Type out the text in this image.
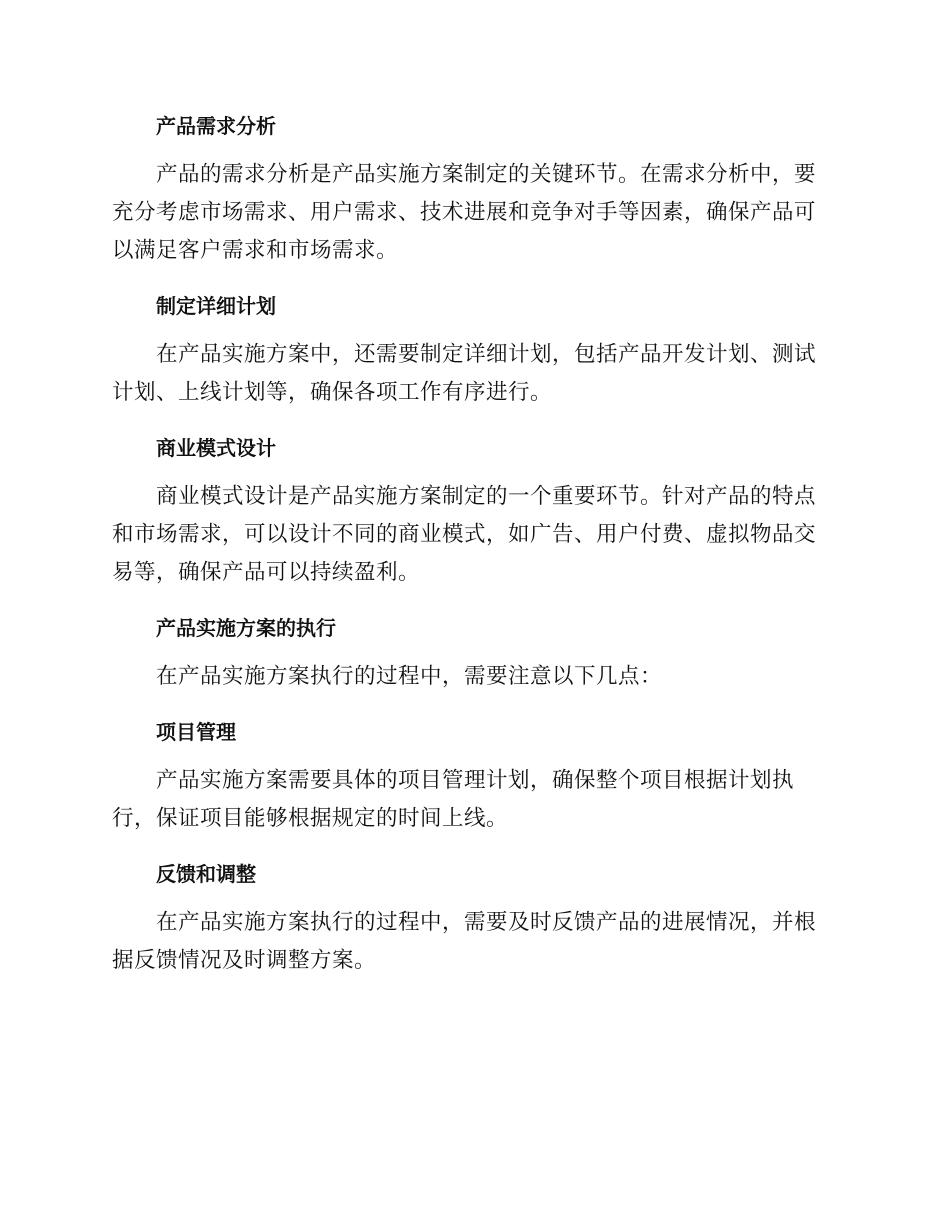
产品需求分析

产品的需求分析是产品实施方案制定的关键环节。在需求分析中，要充分考虑市场需求、用户需求、技术进展和竞争对手等因素，确保产品可以满足客户需求和市场需求。

制定详细计划

在产品实施方案中，还需要制定详细计划，包括产品开发计划、测试计划、上线计划等，确保各项工作有序进行。

商业模式设计

商业模式设计是产品实施方案制定的一个重要环节。针对产品的特点和市场需求，可以设计不同的商业模式，如广告、用户付费、虚拟物品交易等，确保产品可以持续盈利。

产品实施方案的执行

在产品实施方案执行的过程中，需要注意以下几点：

项目管理

产品实施方案需要具体的项目管理计划，确保整个项目根据计划执行，保证项目能够根据规定的时间上线。

反馈和调整

在产品实施方案执行的过程中，需要及时反馈产品的进展情况，并根据反馈情况及时调整方案。
